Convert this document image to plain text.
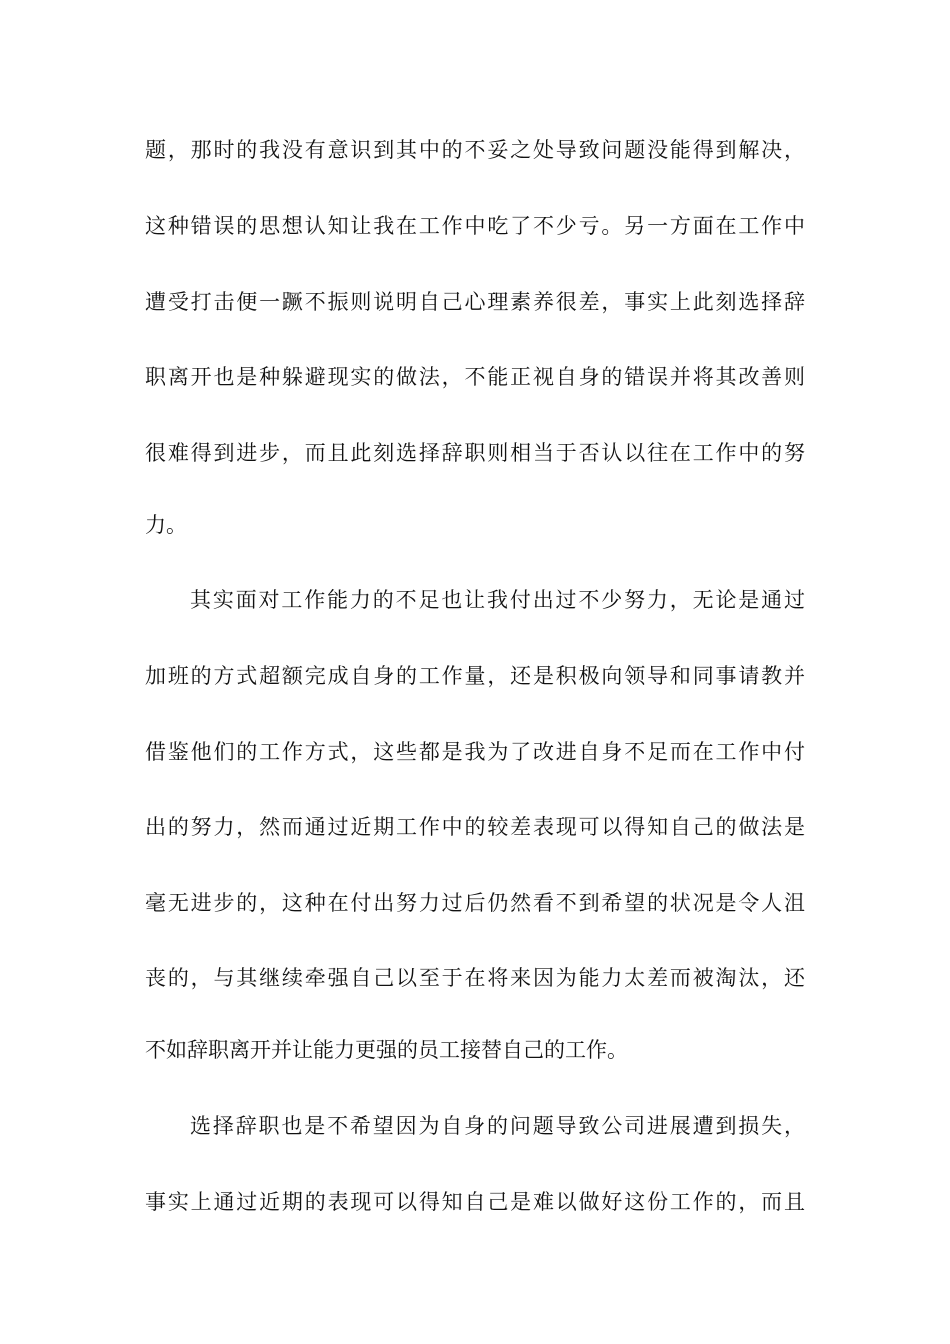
题，那时的我没有意识到其中的不妥之处导致问题没能得到解决，
这种错误的思想认知让我在工作中吃了不少亏。另一方面在工作中
遭受打击便一蹶不振则说明自己心理素养很差，事实上此刻选择辞
职离开也是种躲避现实的做法，不能正视自身的错误并将其改善则
很难得到进步，而且此刻选择辞职则相当于否认以往在工作中的努
力。
其实面对工作能力的不足也让我付出过不少努力，无论是通过
加班的方式超额完成自身的工作量，还是积极向领导和同事请教并
借鉴他们的工作方式，这些都是我为了改进自身不足而在工作中付
出的努力，然而通过近期工作中的较差表现可以得知自己的做法是
毫无进步的，这种在付出努力过后仍然看不到希望的状况是令人沮
丧的，与其继续牵强自己以至于在将来因为能力太差而被淘汰，还
不如辞职离开并让能力更强的员工接替自己的工作。
选择辞职也是不希望因为自身的问题导致公司进展遭到损失，
事实上通过近期的表现可以得知自己是难以做好这份工作的，而且
